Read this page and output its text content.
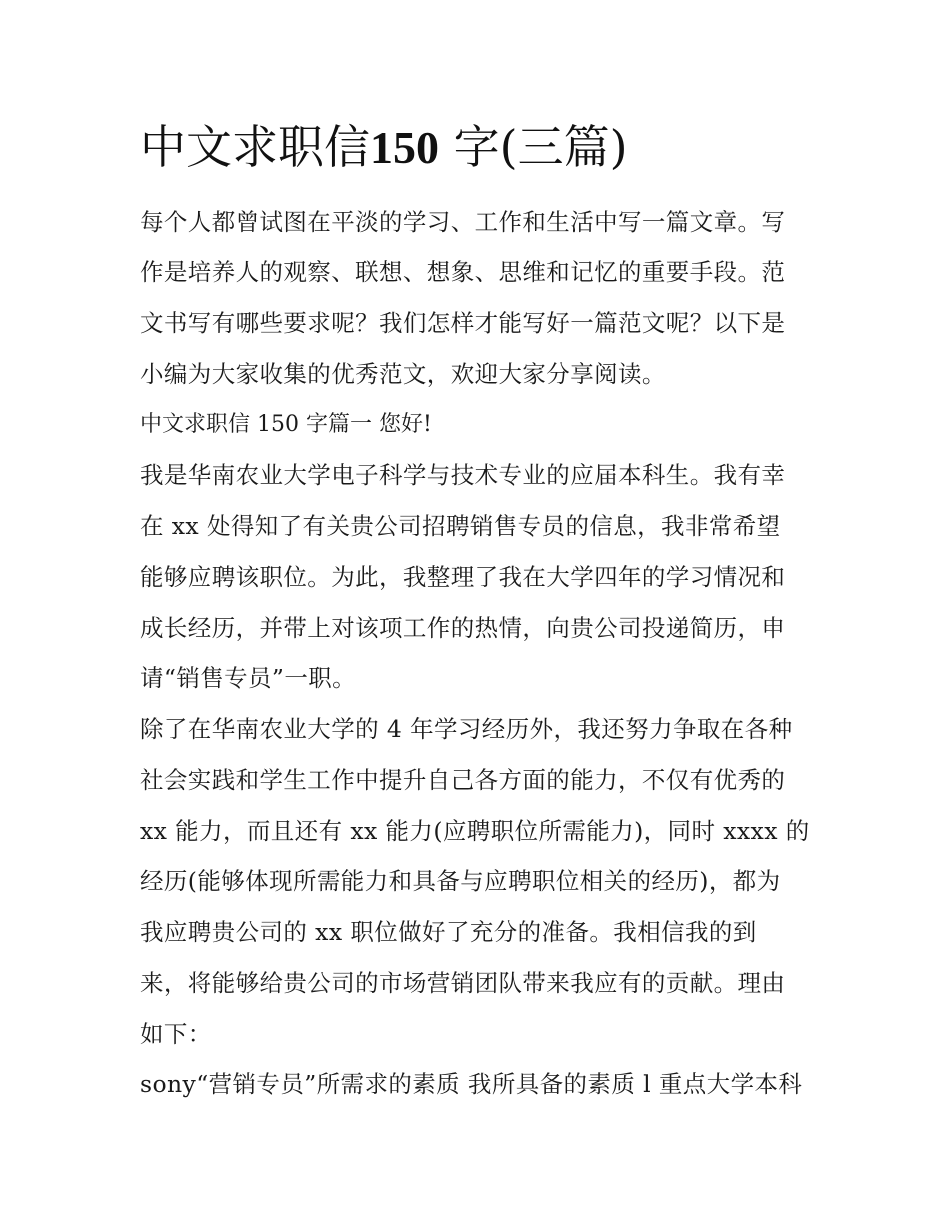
中文求职信150 字(三篇)

每个人都曾试图在平淡的学习、工作和生活中写一篇文章。写

作是培养人的观察、联想、想象、思维和记忆的重要手段。范

文书写有哪些要求呢？我们怎样才能写好一篇范文呢？以下是

小编为大家收集的优秀范文，欢迎大家分享阅读。

中文求职信 150 字篇一 您好!

我是华南农业大学电子科学与技术专业的应届本科生。我有幸

在 xx 处得知了有关贵公司招聘销售专员的信息，我非常希望

能够应聘该职位。为此，我整理了我在大学四年的学习情况和

成长经历，并带上对该项工作的热情，向贵公司投递简历，申

请“销售专员”一职。

除了在华南农业大学的 4 年学习经历外，我还努力争取在各种

社会实践和学生工作中提升自己各方面的能力，不仅有优秀的

xx 能力，而且还有 xx 能力(应聘职位所需能力)，同时 xxxx 的

经历(能够体现所需能力和具备与应聘职位相关的经历)，都为

我应聘贵公司的 xx 职位做好了充分的准备。我相信我的到

来，将能够给贵公司的市场营销团队带来我应有的贡献。理由

如下：

sony“营销专员”所需求的素质 我所具备的素质 l 重点大学本科
